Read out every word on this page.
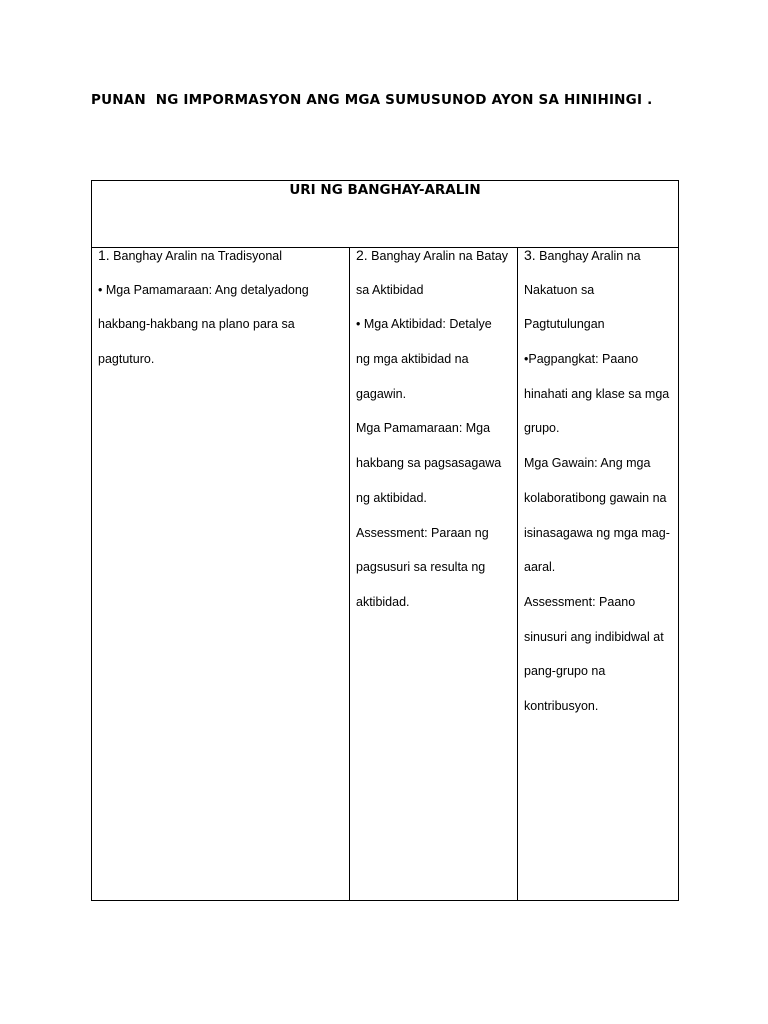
PUNAN  NG IMPORMASYON ANG MGA SUMUSUNOD AYON SA HINIHINGI .
URI NG BANGHAY-ARALIN

1. Banghay Aralin na Tradisyonal
• Mga Pamamaraan: Ang detalyadong
hakbang-hakbang na plano para sa
pagtuturo.

2. Banghay Aralin na Batay
sa Aktibidad
• Mga Aktibidad: Detalye
ng mga aktibidad na
gagawin.
Mga Pamamaraan: Mga
hakbang sa pagsasagawa
ng aktibidad.
Assessment: Paraan ng
pagsusuri sa resulta ng
aktibidad.

3. Banghay Aralin na
Nakatuon sa
Pagtutulungan
•Pagpangkat: Paano
hinahati ang klase sa mga
grupo.
Mga Gawain: Ang mga
kolaboratibong gawain na
isinasagawa ng mga mag-
aaral.
Assessment: Paano
sinusuri ang indibidwal at
pang-grupo na
kontribusyon.
